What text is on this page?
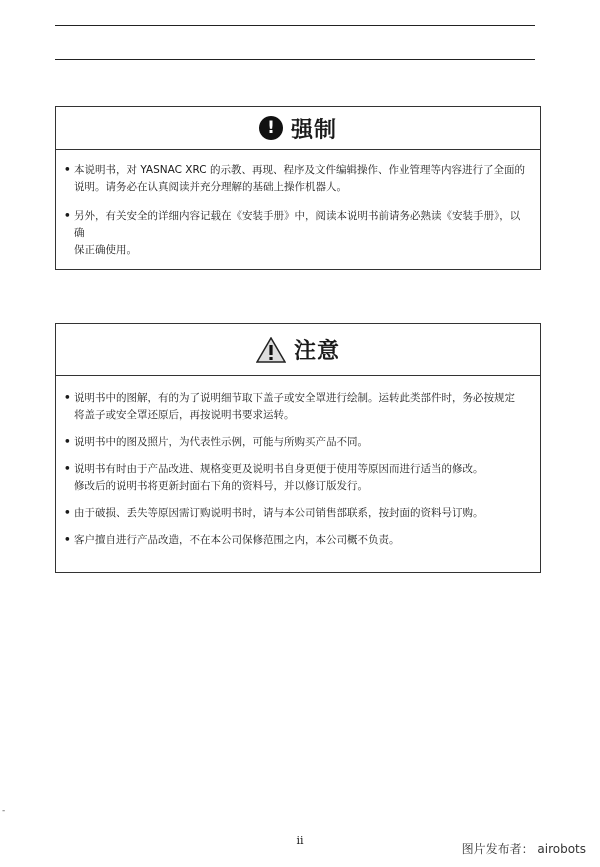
! 强制
• 本说明书，对 YASNAC XRC 的示教、再现、程序及文件编辑操作、作业管理等内容进行了全面的
说明。请务必在认真阅读并充分理解的基础上操作机器人。
• 另外，有关安全的详细内容记载在《安装手册》中，阅读本说明书前请务必熟读《安装手册》，以确
保正确使用。
注意
• 说明书中的图解，有的为了说明细节取下盖子或安全罩进行绘制。运转此类部件时，务必按规定
将盖子或安全罩还原后，再按说明书要求运转。
• 说明书中的图及照片，为代表性示例，可能与所购买产品不同。
• 说明书有时由于产品改进、规格变更及说明书自身更便于使用等原因而进行适当的修改。
修改后的说明书将更新封面右下角的资料号，并以修订版发行。
• 由于破损、丢失等原因需订购说明书时，请与本公司销售部联系，按封面的资料号订购。
• 客户擅自进行产品改造，不在本公司保修范围之内，本公司概不负责。
-
ii
图片发布者： airobots
